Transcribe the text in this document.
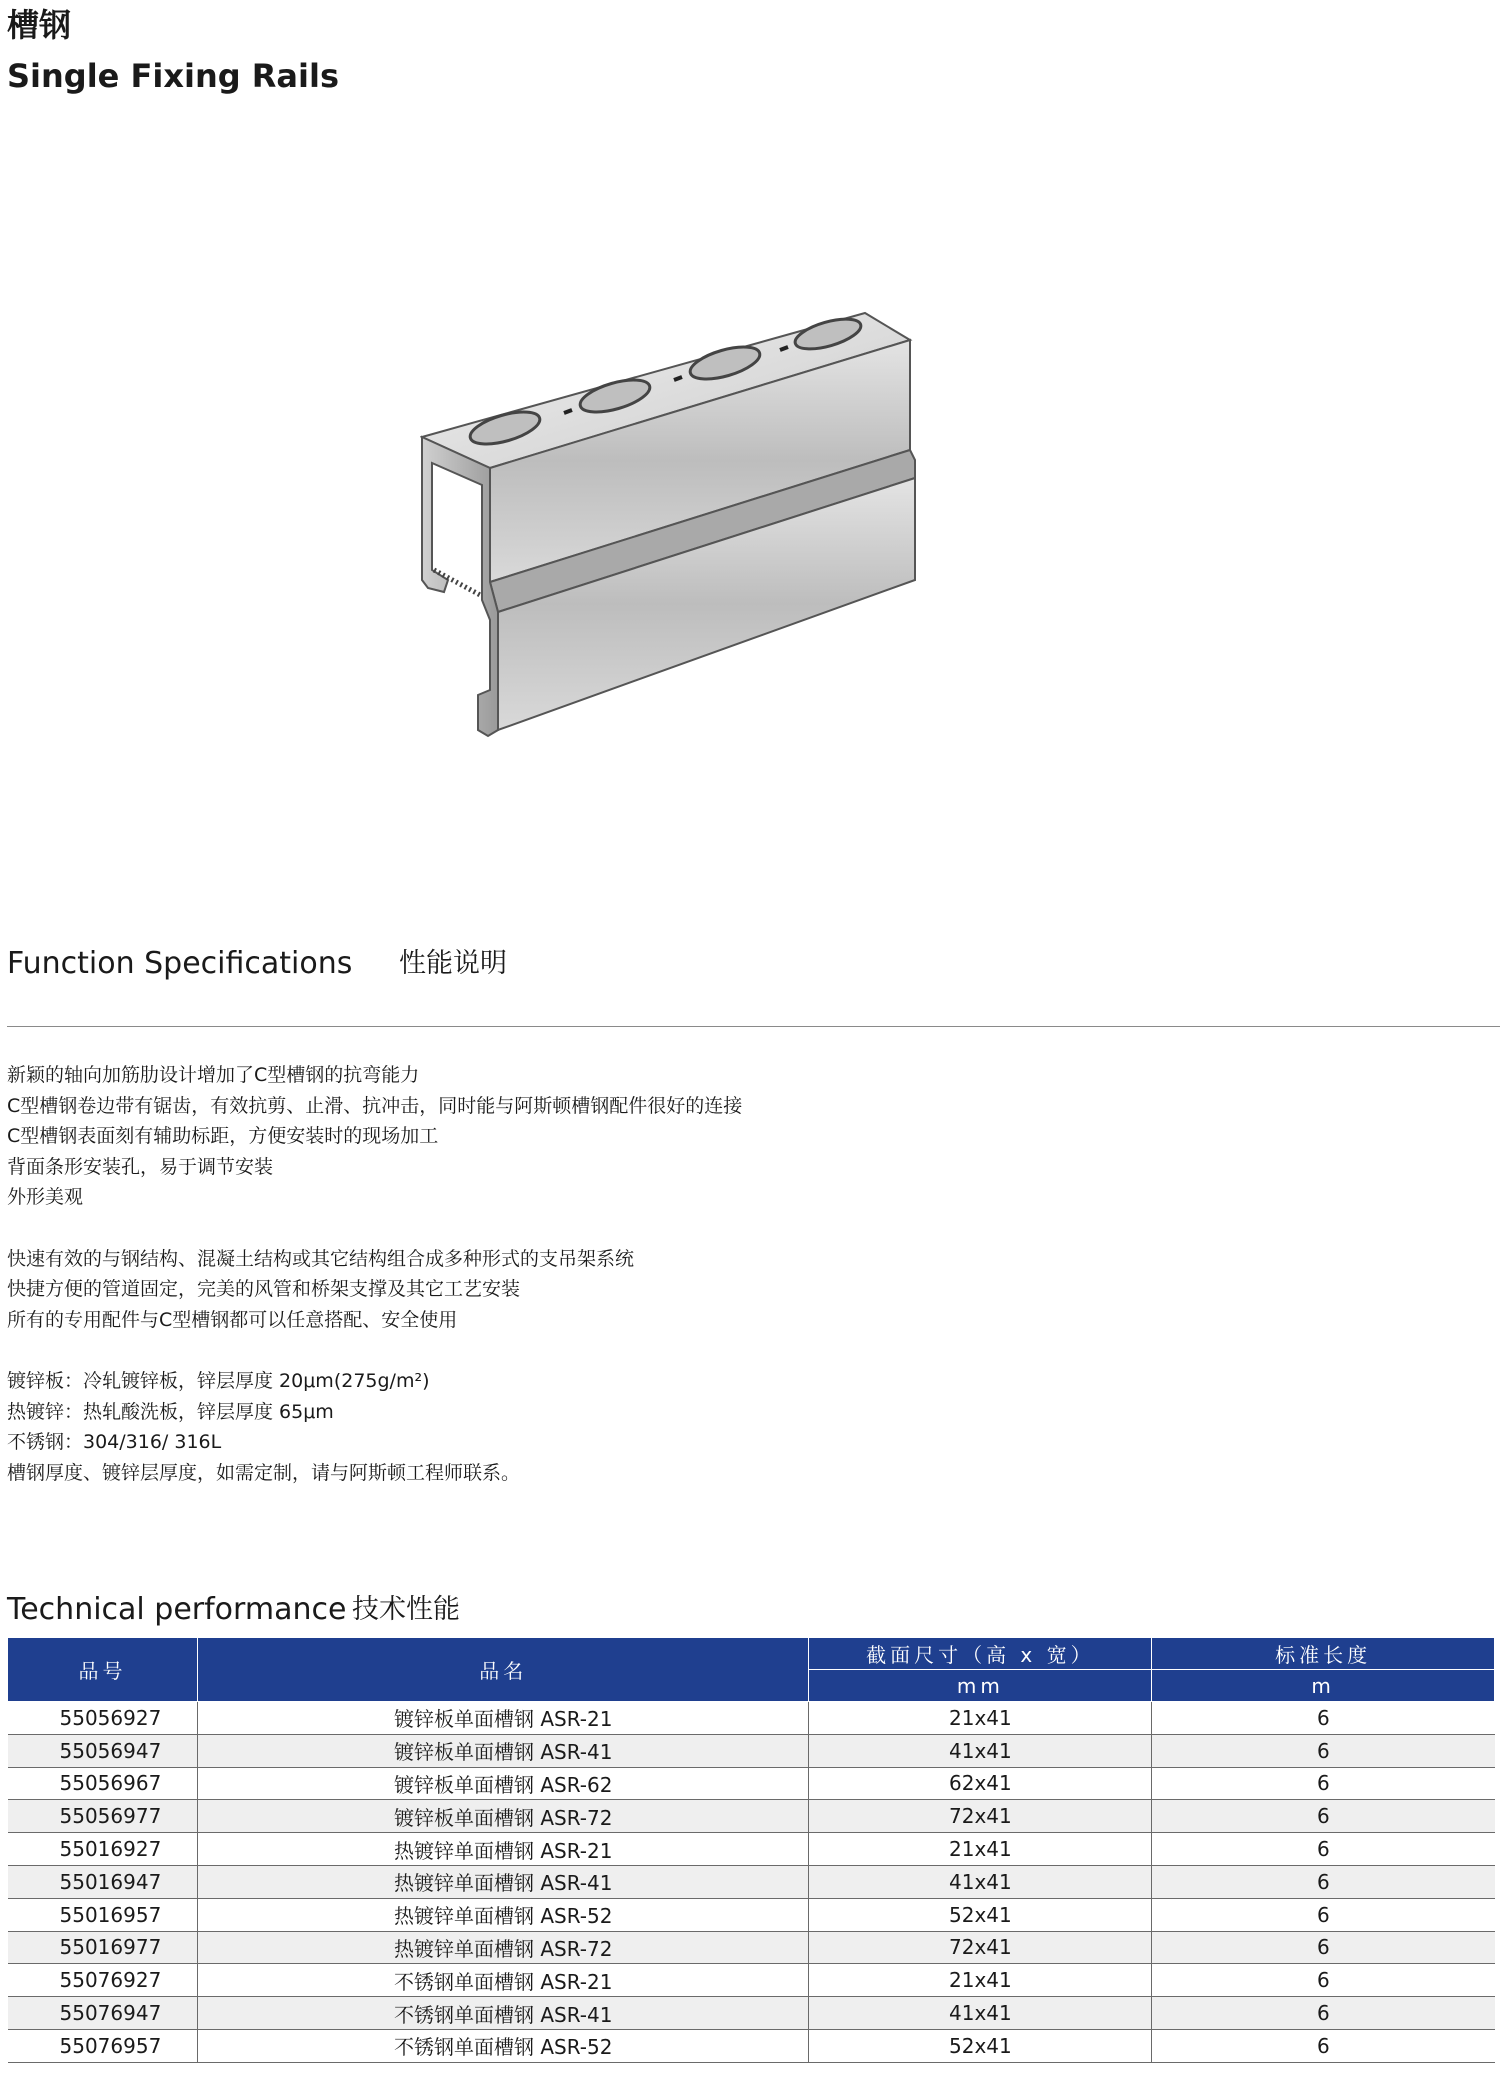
槽钢
Single Fixing Rails
Function Specifications 性能说明
新颖的轴向加筋肋设计增加了C型槽钢的抗弯能力
C型槽钢卷边带有锯齿，有效抗剪、止滑、抗冲击，同时能与阿斯顿槽钢配件很好的连接
C型槽钢表面刻有辅助标距，方便安装时的现场加工
背面条形安装孔，易于调节安装
外形美观
快速有效的与钢结构、混凝土结构或其它结构组合成多种形式的支吊架系统
快捷方便的管道固定，完美的风管和桥架支撑及其它工艺安装
所有的专用配件与C型槽钢都可以任意搭配、安全使用
镀锌板：冷轧镀锌板，锌层厚度 20μm(275g/m²)
热镀锌：热轧酸洗板，锌层厚度 65μm
不锈钢：304/316/ 316L
槽钢厚度、镀锌层厚度，如需定制，请与阿斯顿工程师联系。
Technical performance 技术性能
品号	品名	截面尺寸（高 x 宽）	标准长度
		mm	m
55056927	镀锌板单面槽钢 ASR-21	21x41	6
55056947	镀锌板单面槽钢 ASR-41	41x41	6
55056967	镀锌板单面槽钢 ASR-62	62x41	6
55056977	镀锌板单面槽钢 ASR-72	72x41	6
55016927	热镀锌单面槽钢 ASR-21	21x41	6
55016947	热镀锌单面槽钢 ASR-41	41x41	6
55016957	热镀锌单面槽钢 ASR-52	52x41	6
55016977	热镀锌单面槽钢 ASR-72	72x41	6
55076927	不锈钢单面槽钢 ASR-21	21x41	6
55076947	不锈钢单面槽钢 ASR-41	41x41	6
55076957	不锈钢单面槽钢 ASR-52	52x41	6
